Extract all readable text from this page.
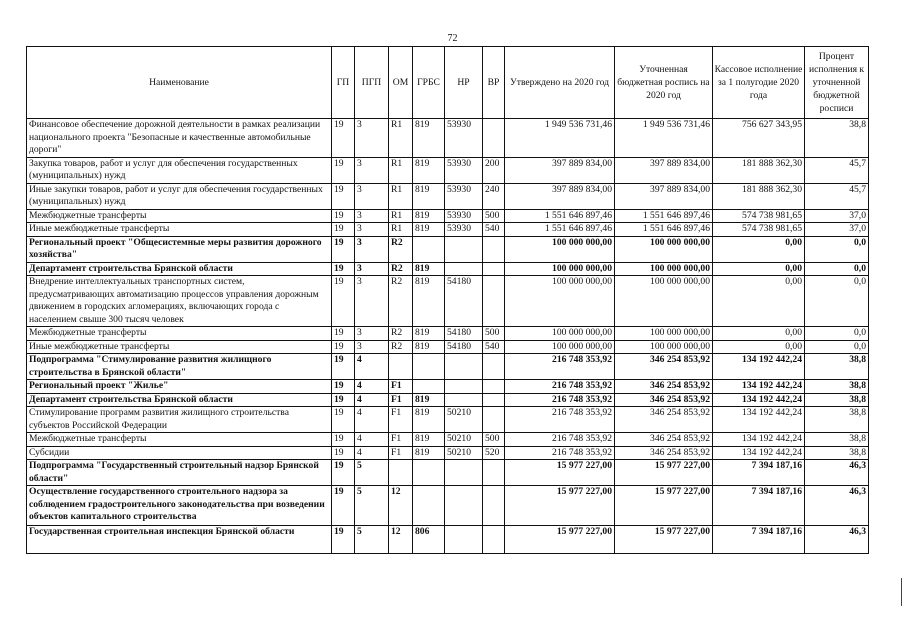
72
Наименование	ГП	ПГП	ОМ	ГРБС	НР	ВР	Утверждено на 2020 год	Уточненная бюджетная роспись на 2020 год	Кассовое исполнение за 1 полугодие 2020 года	Процент исполнения к уточненной бюджетной росписи
Финансовое обеспечение дорожной деятельности в рамках реализации национального проекта "Безопасные и качественные автомобильные дороги"	19	3	R1	819	53930		1 949 536 731,46	1 949 536 731,46	756 627 343,95	38,8
Закупка товаров, работ и услуг для обеспечения государственных (муниципальных) нужд	19	3	R1	819	53930	200	397 889 834,00	397 889 834,00	181 888 362,30	45,7
Иные закупки товаров, работ и услуг для обеспечения государственных (муниципальных) нужд	19	3	R1	819	53930	240	397 889 834,00	397 889 834,00	181 888 362,30	45,7
Межбюджетные трансферты	19	3	R1	819	53930	500	1 551 646 897,46	1 551 646 897,46	574 738 981,65	37,0
Иные межбюджетные трансферты	19	3	R1	819	53930	540	1 551 646 897,46	1 551 646 897,46	574 738 981,65	37,0
Региональный проект "Общесистемные меры развития дорожного хозяйства"	19	3	R2				100 000 000,00	100 000 000,00	0,00	0,0
Департамент строительства Брянской области	19	3	R2	819			100 000 000,00	100 000 000,00	0,00	0,0
Внедрение интеллектуальных транспортных систем, предусматривающих автоматизацию процессов управления дорожным движением в городских агломерациях, включающих города с населением свыше 300 тысяч человек	19	3	R2	819	54180		100 000 000,00	100 000 000,00	0,00	0,0
Межбюджетные трансферты	19	3	R2	819	54180	500	100 000 000,00	100 000 000,00	0,00	0,0
Иные межбюджетные трансферты	19	3	R2	819	54180	540	100 000 000,00	100 000 000,00	0,00	0,0
Подпрограмма "Стимулирование развития жилищного строительства в Брянской области"	19	4					216 748 353,92	346 254 853,92	134 192 442,24	38,8
Региональный проект "Жилье"	19	4	F1				216 748 353,92	346 254 853,92	134 192 442,24	38,8
Департамент строительства Брянской области	19	4	F1	819			216 748 353,92	346 254 853,92	134 192 442,24	38,8
Стимулирование программ развития жилищного строительства субъектов Российской Федерации	19	4	F1	819	50210		216 748 353,92	346 254 853,92	134 192 442,24	38,8
Межбюджетные трансферты	19	4	F1	819	50210	500	216 748 353,92	346 254 853,92	134 192 442,24	38,8
Субсидии	19	4	F1	819	50210	520	216 748 353,92	346 254 853,92	134 192 442,24	38,8
Подпрограмма "Государственный строительный надзор Брянской области"	19	5					15 977 227,00	15 977 227,00	7 394 187,16	46,3
Осуществление государственного строительного надзора за соблюдением градостроительного законодательства при возведении объектов капитального строительства	19	5	12				15 977 227,00	15 977 227,00	7 394 187,16	46,3
Государственная строительная инспекция Брянской области	19	5	12	806			15 977 227,00	15 977 227,00	7 394 187,16	46,3
